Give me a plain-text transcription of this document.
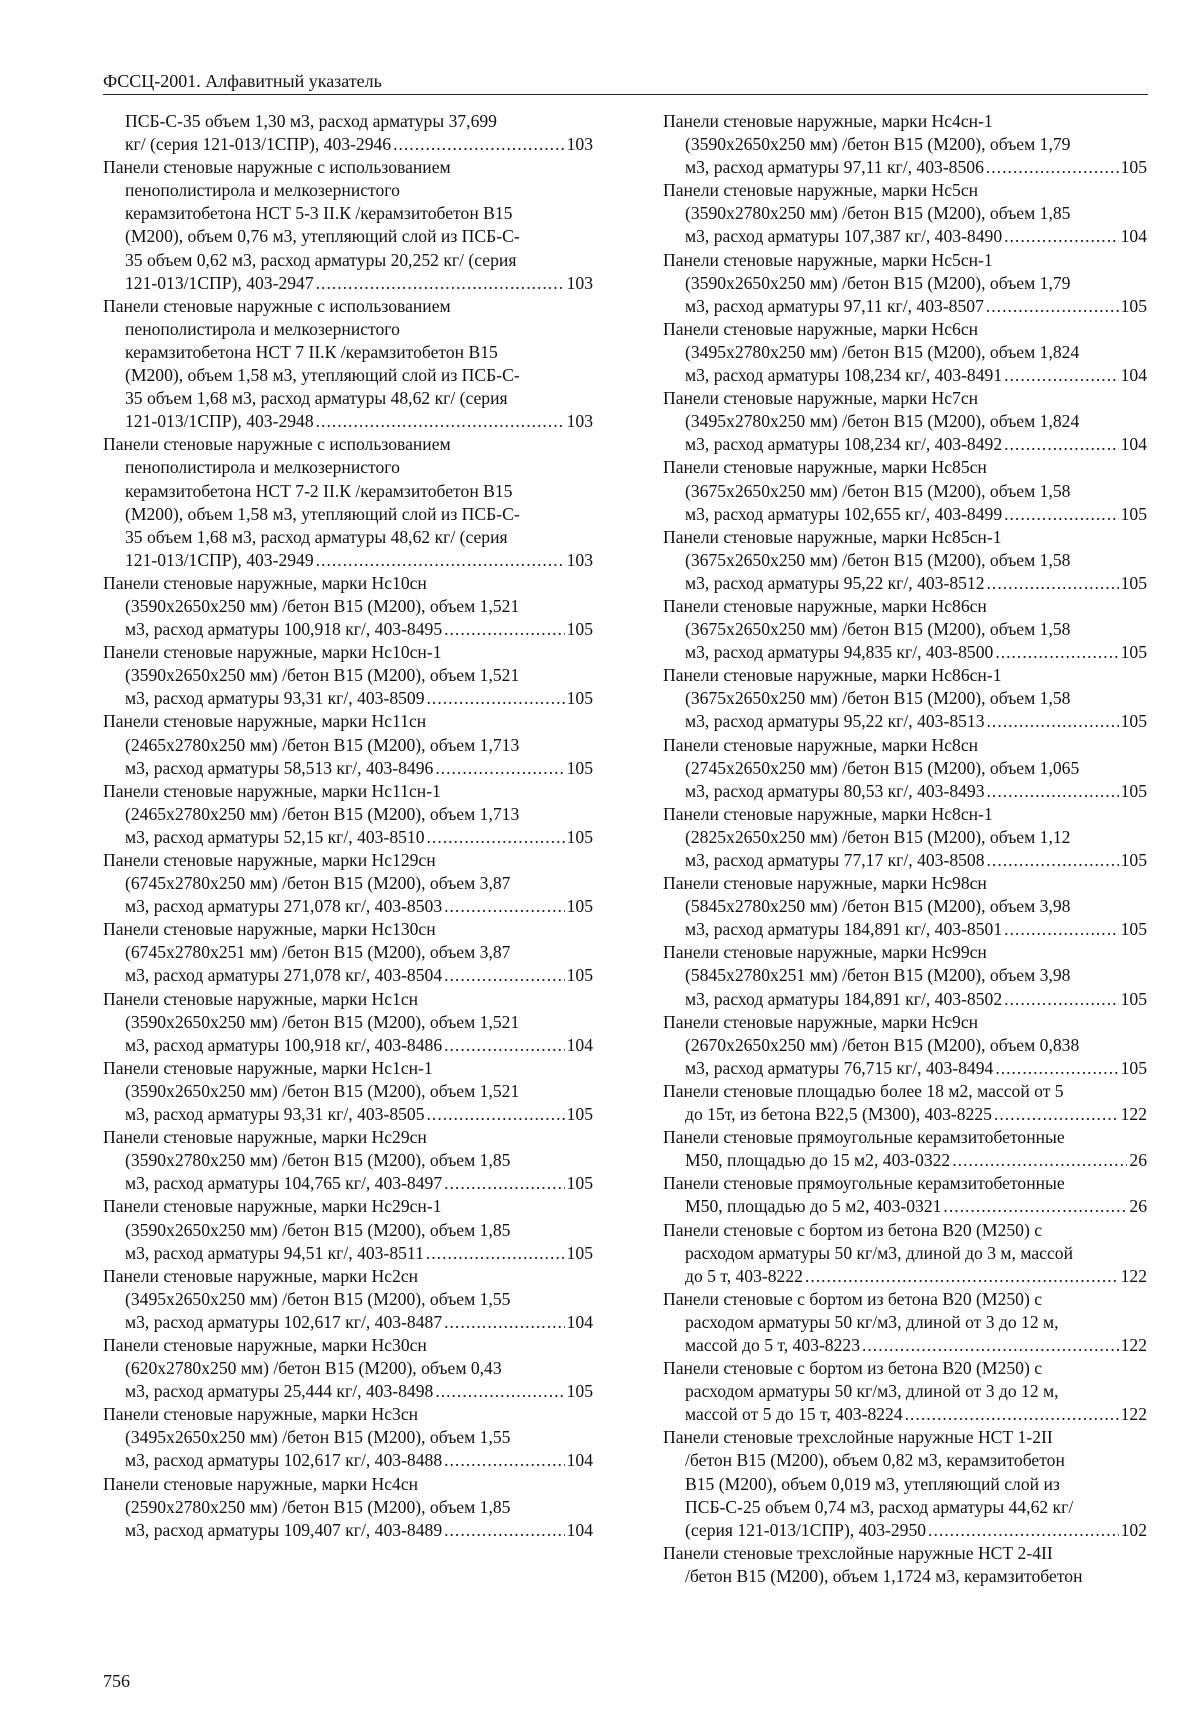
ФССЦ-2001. Алфавитный указатель
ПСБ-С-35 объем 1,30 м3, расход арматуры 37,699
кг/ (серия 121-013/1СПР), 403-2946 .....	103
Панели стеновые наружные с использованием
пенополистирола и мелкозернистого
керамзитобетона НСТ 5-3 II.К /керамзитобетон В15
(М200), объем 0,76 м3, утепляющий слой из ПСБ-С-
35 объем 0,62 м3, расход арматуры 20,252 кг/ (серия
121-013/1СПР), 403-2947 .....	103
Панели стеновые наружные с использованием
пенополистирола и мелкозернистого
керамзитобетона НСТ 7 II.К /керамзитобетон В15
(М200), объем 1,58 м3, утепляющий слой из ПСБ-С-
35 объем 1,68 м3, расход арматуры 48,62 кг/ (серия
121-013/1СПР), 403-2948 .....	103
Панели стеновые наружные с использованием
пенополистирола и мелкозернистого
керамзитобетона НСТ 7-2 II.К /керамзитобетон В15
(М200), объем 1,58 м3, утепляющий слой из ПСБ-С-
35 объем 1,68 м3, расход арматуры 48,62 кг/ (серия
121-013/1СПР), 403-2949 .....	103
Панели стеновые наружные, марки Нс10сн
(3590х2650х250 мм) /бетон В15 (М200), объем 1,521
м3, расход арматуры 100,918 кг/, 403-8495 .....	105
Панели стеновые наружные, марки Нс10сн-1
(3590х2650х250 мм) /бетон В15 (М200), объем 1,521
м3, расход арматуры 93,31 кг/, 403-8509 .....	105
Панели стеновые наружные, марки Нс11сн
(2465х2780х250 мм) /бетон В15 (М200), объем 1,713
м3, расход арматуры 58,513 кг/, 403-8496 .....	105
Панели стеновые наружные, марки Нс11сн-1
(2465х2780х250 мм) /бетон В15 (М200), объем 1,713
м3, расход арматуры 52,15 кг/, 403-8510 .....	105
Панели стеновые наружные, марки Нс129сн
(6745х2780х250 мм) /бетон В15 (М200), объем 3,87
м3, расход арматуры 271,078 кг/, 403-8503 .....	105
Панели стеновые наружные, марки Нс130сн
(6745х2780х251 мм) /бетон В15 (М200), объем 3,87
м3, расход арматуры 271,078 кг/, 403-8504 .....	105
Панели стеновые наружные, марки Нс1сн
(3590х2650х250 мм) /бетон В15 (М200), объем 1,521
м3, расход арматуры 100,918 кг/, 403-8486 .....	104
Панели стеновые наружные, марки Нс1сн-1
(3590х2650х250 мм) /бетон В15 (М200), объем 1,521
м3, расход арматуры 93,31 кг/, 403-8505 .....	105
Панели стеновые наружные, марки Нс29сн
(3590х2780х250 мм) /бетон В15 (М200), объем 1,85
м3, расход арматуры 104,765 кг/, 403-8497 .....	105
Панели стеновые наружные, марки Нс29сн-1
(3590х2650х250 мм) /бетон В15 (М200), объем 1,85
м3, расход арматуры 94,51 кг/, 403-8511 .....	105
Панели стеновые наружные, марки Нс2сн
(3495х2650х250 мм) /бетон В15 (М200), объем 1,55
м3, расход арматуры 102,617 кг/, 403-8487 .....	104
Панели стеновые наружные, марки Нс30сн
(620х2780х250 мм) /бетон В15 (М200), объем 0,43
м3, расход арматуры 25,444 кг/, 403-8498 .....	105
Панели стеновые наружные, марки Нс3сн
(3495х2650х250 мм) /бетон В15 (М200), объем 1,55
м3, расход арматуры 102,617 кг/, 403-8488 .....	104
Панели стеновые наружные, марки Нс4сн
(2590х2780х250 мм) /бетон В15 (М200), объем 1,85
м3, расход арматуры 109,407 кг/, 403-8489 .....	104
Панели стеновые наружные, марки Нс4сн-1
(3590х2650х250 мм) /бетон В15 (М200), объем 1,79
м3, расход арматуры 97,11 кг/, 403-8506 .....	105
Панели стеновые наружные, марки Нс5сн
(3590х2780х250 мм) /бетон В15 (М200), объем 1,85
м3, расход арматуры 107,387 кг/, 403-8490 .....	104
Панели стеновые наружные, марки Нс5сн-1
(3590х2650х250 мм) /бетон В15 (М200), объем 1,79
м3, расход арматуры 97,11 кг/, 403-8507 .....	105
Панели стеновые наружные, марки Нс6сн
(3495х2780х250 мм) /бетон В15 (М200), объем 1,824
м3, расход арматуры 108,234 кг/, 403-8491 .....	104
Панели стеновые наружные, марки Нс7сн
(3495х2780х250 мм) /бетон В15 (М200), объем 1,824
м3, расход арматуры 108,234 кг/, 403-8492 .....	104
Панели стеновые наружные, марки Нс85сн
(3675х2650х250 мм) /бетон В15 (М200), объем 1,58
м3, расход арматуры 102,655 кг/, 403-8499 .....	105
Панели стеновые наружные, марки Нс85сн-1
(3675х2650х250 мм) /бетон В15 (М200), объем 1,58
м3, расход арматуры 95,22 кг/, 403-8512 .....	105
Панели стеновые наружные, марки Нс86сн
(3675х2650х250 мм) /бетон В15 (М200), объем 1,58
м3, расход арматуры 94,835 кг/, 403-8500 .....	105
Панели стеновые наружные, марки Нс86сн-1
(3675х2650х250 мм) /бетон В15 (М200), объем 1,58
м3, расход арматуры 95,22 кг/, 403-8513 .....	105
Панели стеновые наружные, марки Нс8сн
(2745х2650х250 мм) /бетон В15 (М200), объем 1,065
м3, расход арматуры 80,53 кг/, 403-8493 .....	105
Панели стеновые наружные, марки Нс8сн-1
(2825х2650х250 мм) /бетон В15 (М200), объем 1,12
м3, расход арматуры 77,17 кг/, 403-8508 .....	105
Панели стеновые наружные, марки Нс98сн
(5845х2780х250 мм) /бетон В15 (М200), объем 3,98
м3, расход арматуры 184,891 кг/, 403-8501 .....	105
Панели стеновые наружные, марки Нс99сн
(5845х2780х251 мм) /бетон В15 (М200), объем 3,98
м3, расход арматуры 184,891 кг/, 403-8502 .....	105
Панели стеновые наружные, марки Нс9сн
(2670х2650х250 мм) /бетон В15 (М200), объем 0,838
м3, расход арматуры 76,715 кг/, 403-8494 .....	105
Панели стеновые площадью более 18 м2, массой от 5
до 15т, из бетона В22,5 (М300), 403-8225 .....	122
Панели стеновые прямоугольные керамзитобетонные
М50, площадью до 15 м2, 403-0322 .....	26
Панели стеновые прямоугольные керамзитобетонные
М50, площадью до 5 м2, 403-0321 .....	26
Панели стеновые с бортом из бетона В20 (М250) с
расходом арматуры 50 кг/м3, длиной до 3 м, массой
до 5 т, 403-8222 .....	122
Панели стеновые с бортом из бетона В20 (М250) с
расходом арматуры 50 кг/м3, длиной от 3 до 12 м,
массой до 5 т, 403-8223 .....	122
Панели стеновые с бортом из бетона В20 (М250) с
расходом арматуры 50 кг/м3, длиной от 3 до 12 м,
массой от 5 до 15 т, 403-8224 .....	122
Панели стеновые трехслойные наружные НСТ 1-2II
/бетон В15 (М200), объем 0,82 м3, керамзитобетон
В15 (М200), объем 0,019 м3, утепляющий слой из
ПСБ-С-25 объем 0,74 м3, расход арматуры 44,62 кг/
(серия 121-013/1СПР), 403-2950 .....	102
Панели стеновые трехслойные наружные НСТ 2-4II
/бетон В15 (М200), объем 1,1724 м3, керамзитобетон
756
